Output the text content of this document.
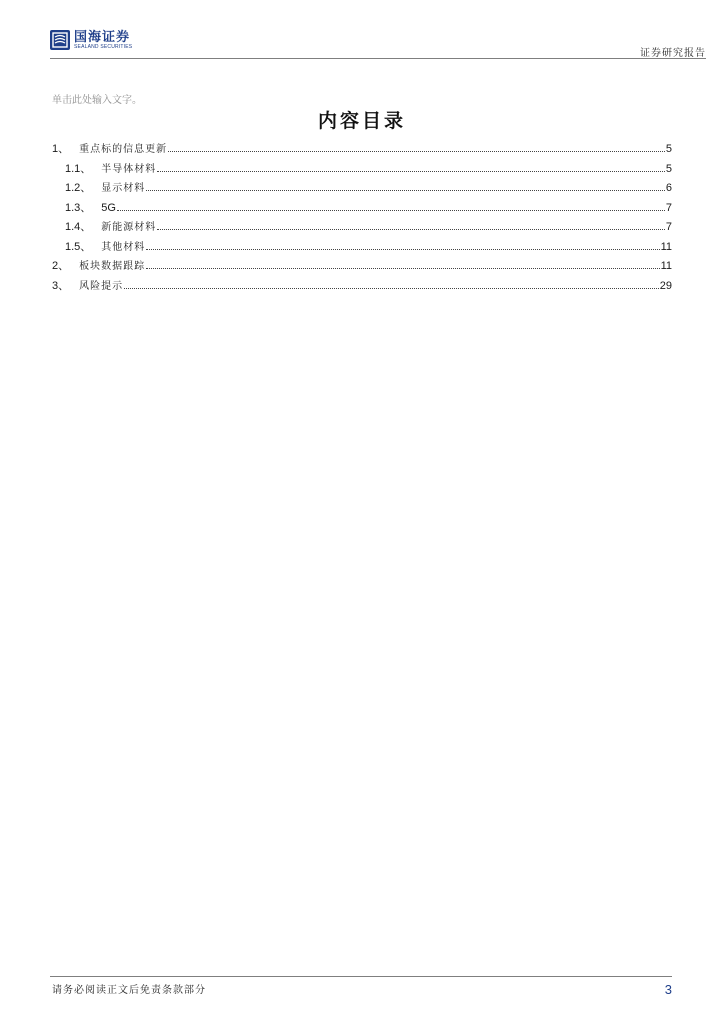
国海证券
SEALAND SECURITIES
证券研究报告
单击此处输入文字。
内容目录
1、 重点标的信息更新	5
1.1、 半导体材料	5
1.2、 显示材料	6
1.3、 5G	7
1.4、 新能源材料	7
1.5、 其他材料	11
2、 板块数据跟踪	11
3、 风险提示	29
请务必阅读正文后免责条款部分	3
